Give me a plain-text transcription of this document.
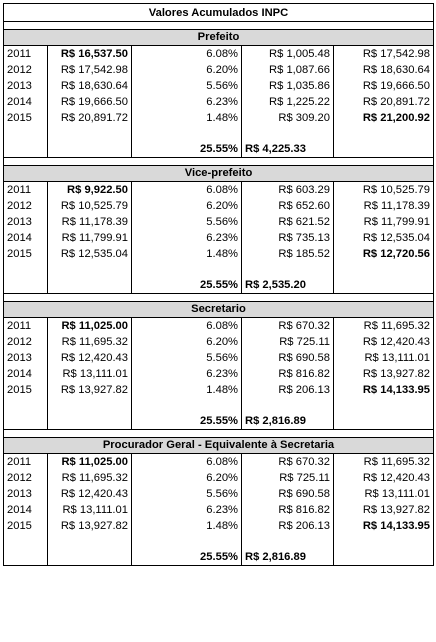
Valores Acumulados INPC				

Prefeito				
2011	R$ 16,537.50	6.08%	R$ 1,005.48	R$ 17,542.98
2012	R$ 17,542.98	6.20%	R$ 1,087.66	R$ 18,630.64
2013	R$ 18,630.64	5.56%	R$ 1,035.86	R$ 19,666.50
2014	R$ 19,666.50	6.23%	R$ 1,225.22	R$ 20,891.72
2015	R$ 20,891.72	1.48%	R$ 309.20	R$ 21,200.92

		25.55%	R$ 4,225.33	

Vice-prefeito				
2011	R$ 9,922.50	6.08%	R$ 603.29	R$ 10,525.79
2012	R$ 10,525.79	6.20%	R$ 652.60	R$ 11,178.39
2013	R$ 11,178.39	5.56%	R$ 621.52	R$ 11,799.91
2014	R$ 11,799.91	6.23%	R$ 735.13	R$ 12,535.04
2015	R$ 12,535.04	1.48%	R$ 185.52	R$ 12,720.56

		25.55%	R$ 2,535.20	

Secretario				
2011	R$ 11,025.00	6.08%	R$ 670.32	R$ 11,695.32
2012	R$ 11,695.32	6.20%	R$ 725.11	R$ 12,420.43
2013	R$ 12,420.43	5.56%	R$ 690.58	R$ 13,111.01
2014	R$ 13,111.01	6.23%	R$ 816.82	R$ 13,927.82
2015	R$ 13,927.82	1.48%	R$ 206.13	R$ 14,133.95

		25.55%	R$ 2,816.89	

Procurador Geral - Equivalente à Secretaria				
2011	R$ 11,025.00	6.08%	R$ 670.32	R$ 11,695.32
2012	R$ 11,695.32	6.20%	R$ 725.11	R$ 12,420.43
2013	R$ 12,420.43	5.56%	R$ 690.58	R$ 13,111.01
2014	R$ 13,111.01	6.23%	R$ 816.82	R$ 13,927.82
2015	R$ 13,927.82	1.48%	R$ 206.13	R$ 14,133.95

		25.55%	R$ 2,816.89	
